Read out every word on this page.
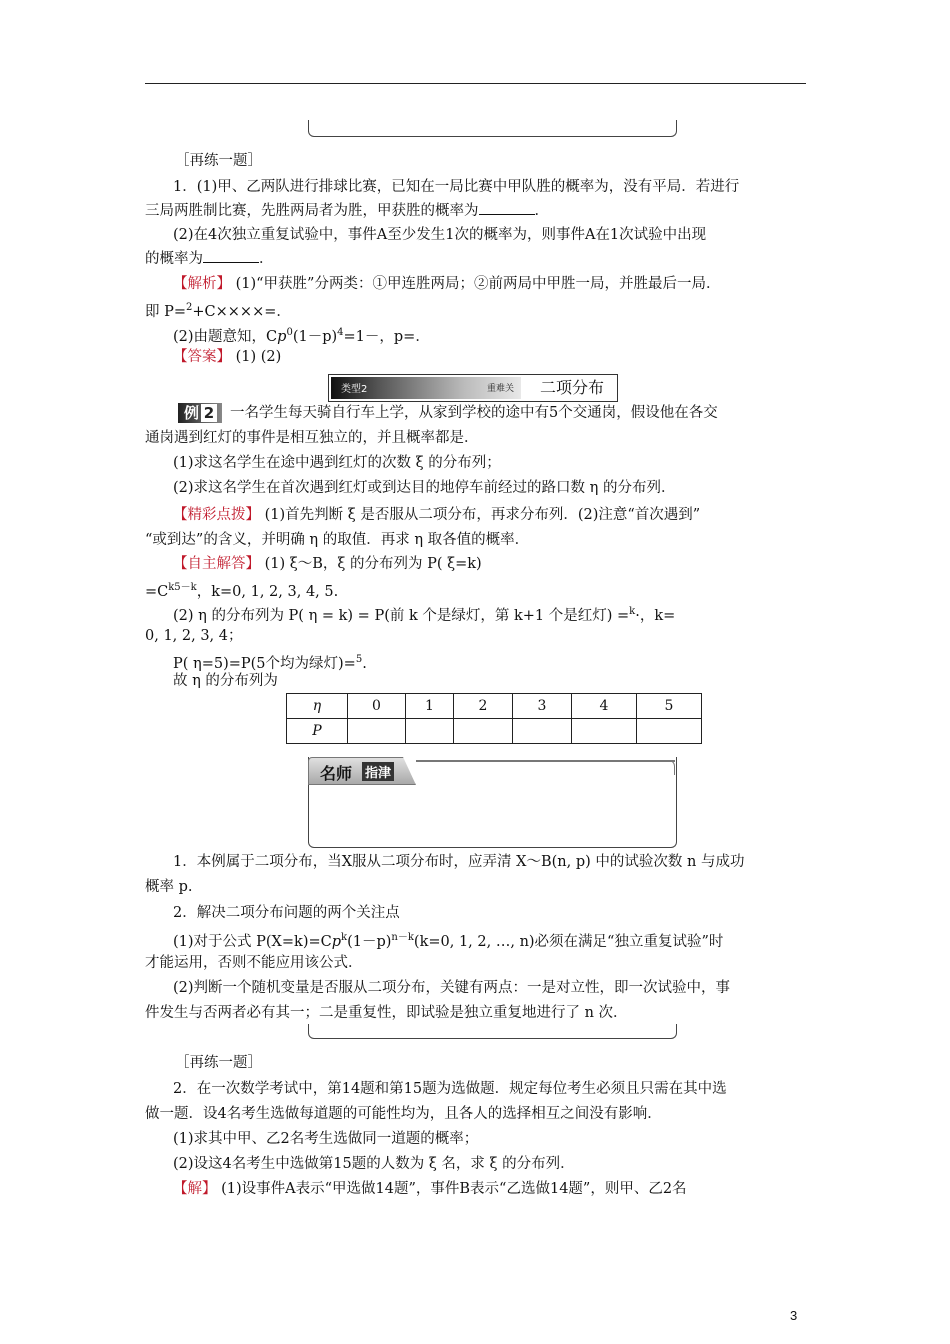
［再练一题］
1．(1)甲、乙两队进行排球比赛，已知在一局比赛中甲队胜的概率为，没有平局．若进行
三局两胜制比赛，先胜两局者为胜，甲获胜的概率为	．
(2)在4次独立重复试验中，事件A至少发生1次的概率为，则事件A在1次试验中出现
的概率为	．
【解析】 (1)“甲获胜”分两类：①甲连胜两局；②前两局中甲胜一局，并胜最后一局．
即 P=$^2$+C××××=．
(2)由题意知，$Cp^0(1-p)^4=1-$，p=．
【答案】 (1) (2)
类型2	重难关	二项分布
例 2	一名学生每天骑自行车上学，从家到学校的途中有5个交通岗，假设他在各交
通岗遇到红灯的事件是相互独立的，并且概率都是．
(1)求这名学生在途中遇到红灯的次数 ξ 的分布列；
(2)求这名学生在首次遇到红灯或到达目的地停车前经过的路口数 η 的分布列．
【精彩点拨】 (1)首先判断 ξ 是否服从二项分布，再求分布列．(2)注意“首次遇到”
“或到达”的含义，并明确 η 的取值．再求 η 取各值的概率．
【自主解答】 (1) ξ～B，ξ 的分布列为 P( ξ=k)
$=C^{k5-k}$，k=0, 1, 2, 3, 4, 5.
(2) η 的分布列为 P( η = k) = P(前 k 个是绿灯，第 k+1 个是红灯) =$^k$·，k=
0, 1, 2, 3, 4；
P( η=5)=P(5个均为绿灯)=$^5$.
故 η 的分布列为
η	0	1	2	3	4	5
P						
名师 指津
1．本例属于二项分布，当X服从二项分布时，应弄清 X～B(n, p) 中的试验次数 n 与成功
概率 p.
2．解决二项分布问题的两个关注点
(1)对于公式 $P(X=k)=Cp^k(1-p)^{n-k}(k=0$, 1, 2, …, n)必须在满足“独立重复试验”时
才能运用，否则不能应用该公式．
(2)判断一个随机变量是否服从二项分布，关键有两点：一是对立性，即一次试验中，事
件发生与否两者必有其一；二是重复性，即试验是独立重复地进行了 n 次．
［再练一题］
2．在一次数学考试中，第14题和第15题为选做题．规定每位考生必须且只需在其中选
做一题．设4名考生选做每道题的可能性均为，且各人的选择相互之间没有影响．
(1)求其中甲、乙2名考生选做同一道题的概率；
(2)设这4名考生中选做第15题的人数为 ξ 名，求 ξ 的分布列．
【解】 (1)设事件A表示“甲选做14题”，事件B表示“乙选做14题”，则甲、乙2名
3
